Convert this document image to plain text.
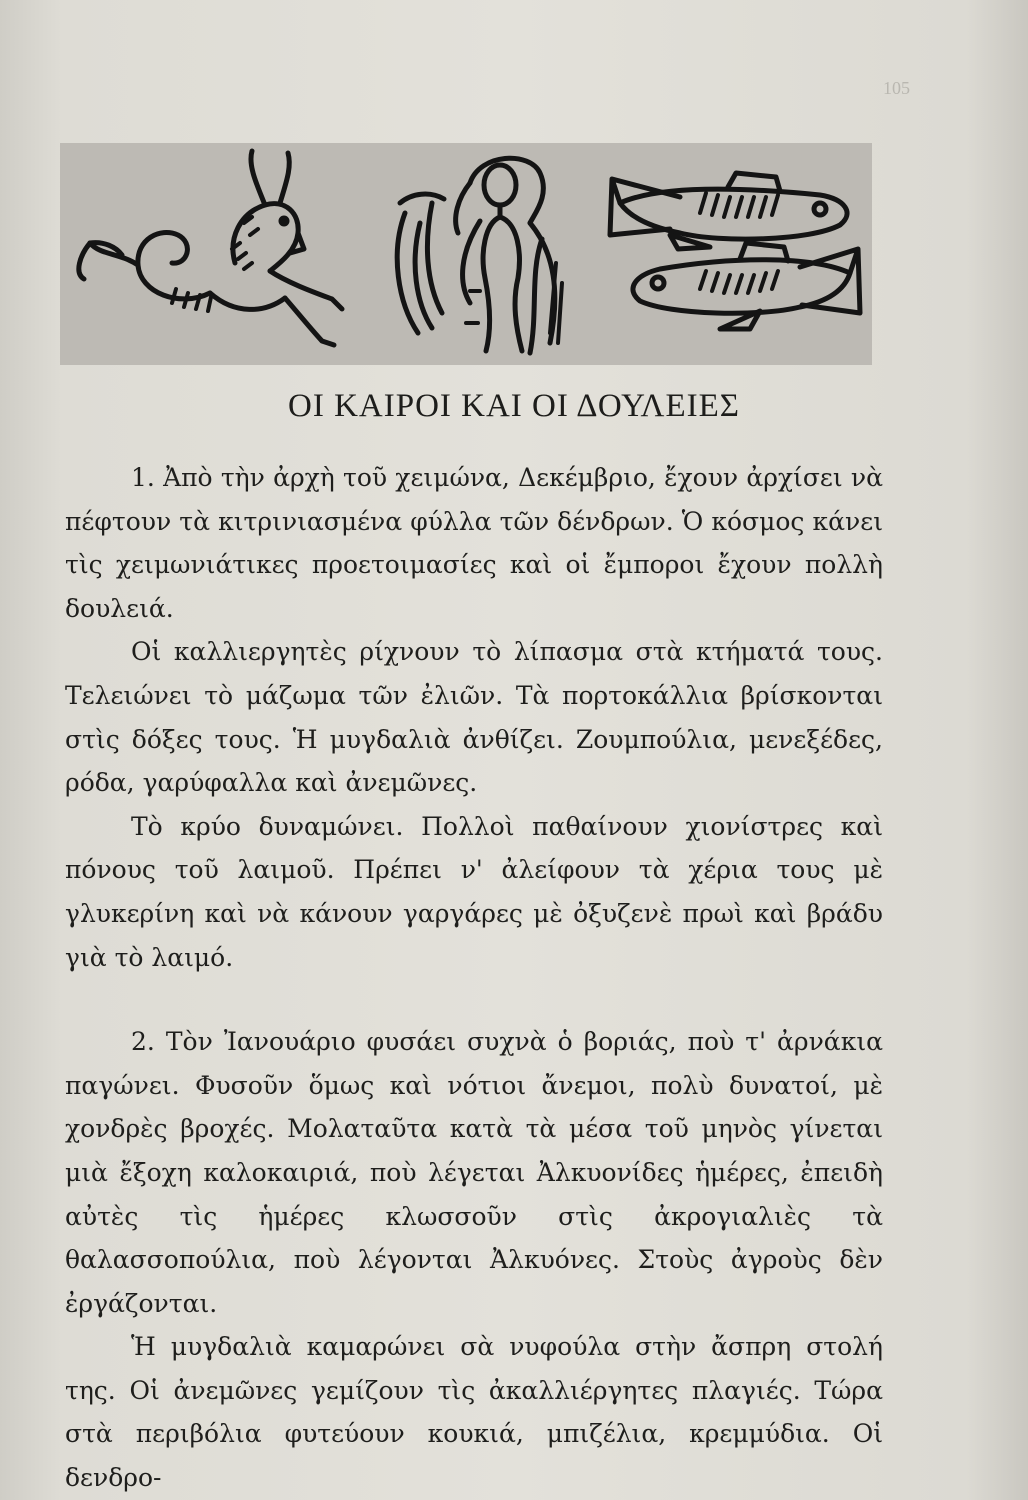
105
ΟΙ ΚΑΙΡΟΙ ΚΑΙ ΟΙ ΔΟΥΛΕΙΕΣ

1. Ἀπὸ τὴν ἀρχὴ τοῦ χειμώνα, Δεκέμβριο, ἔχουν ἀρχίσει νὰ πέφτουν τὰ κιτρινιασμένα φύλλα τῶν δένδρων. Ὁ κόσμος κάνει τὶς χειμωνιάτικες προετοιμασίες καὶ οἱ ἔμποροι ἔχουν πολλὴ δουλειά.

Οἱ καλλιεργητὲς ρίχνουν τὸ λίπασμα στὰ κτήματά τους. Τελειώνει τὸ μάζωμα τῶν ἐλιῶν. Τὰ πορτοκάλλια βρίσκονται στὶς δόξες τους. Ἡ μυγδαλιὰ ἀνθίζει. Ζουμπούλια, μενεξέδες, ρόδα, γαρύφαλλα καὶ ἀνεμῶνες.

Τὸ κρύο δυναμώνει. Πολλοὶ παθαίνουν χιονίστρες καὶ πόνους τοῦ λαιμοῦ. Πρέπει ν' ἀλείφουν τὰ χέρια τους μὲ γλυκερίνη καὶ νὰ κάνουν γαργάρες μὲ ὀξυζενὲ πρωὶ καὶ βράδυ γιὰ τὸ λαιμό.

2. Τὸν Ἰανουάριο φυσάει συχνὰ ὁ βοριάς, ποὺ τ' ἀρνάκια παγώνει. Φυσοῦν ὅμως καὶ νότιοι ἄνεμοι, πολὺ δυνατοί, μὲ χονδρὲς βροχές. Μολαταῦτα κατὰ τὰ μέσα τοῦ μηνὸς γίνεται μιὰ ἔξοχη καλοκαιριά, ποὺ λέγεται Ἀλκυονίδες ἡμέρες, ἐπειδὴ αὐτὲς τὶς ἡμέρες κλωσσοῦν στὶς ἀκρογιαλιὲς τὰ θαλασσοπούλια, ποὺ λέγονται Ἀλκυόνες. Στοὺς ἀγροὺς δὲν ἐργάζονται.

Ἡ μυγδαλιὰ καμαρώνει σὰ νυφούλα στὴν ἄσπρη στολή της. Οἱ ἀνεμῶνες γεμίζουν τὶς ἀκαλλιέργητες πλαγιές. Τώρα στὰ περιβόλια φυτεύουν κουκιά, μπιζέλια, κρεμμύδια. Οἱ δενδρο-
